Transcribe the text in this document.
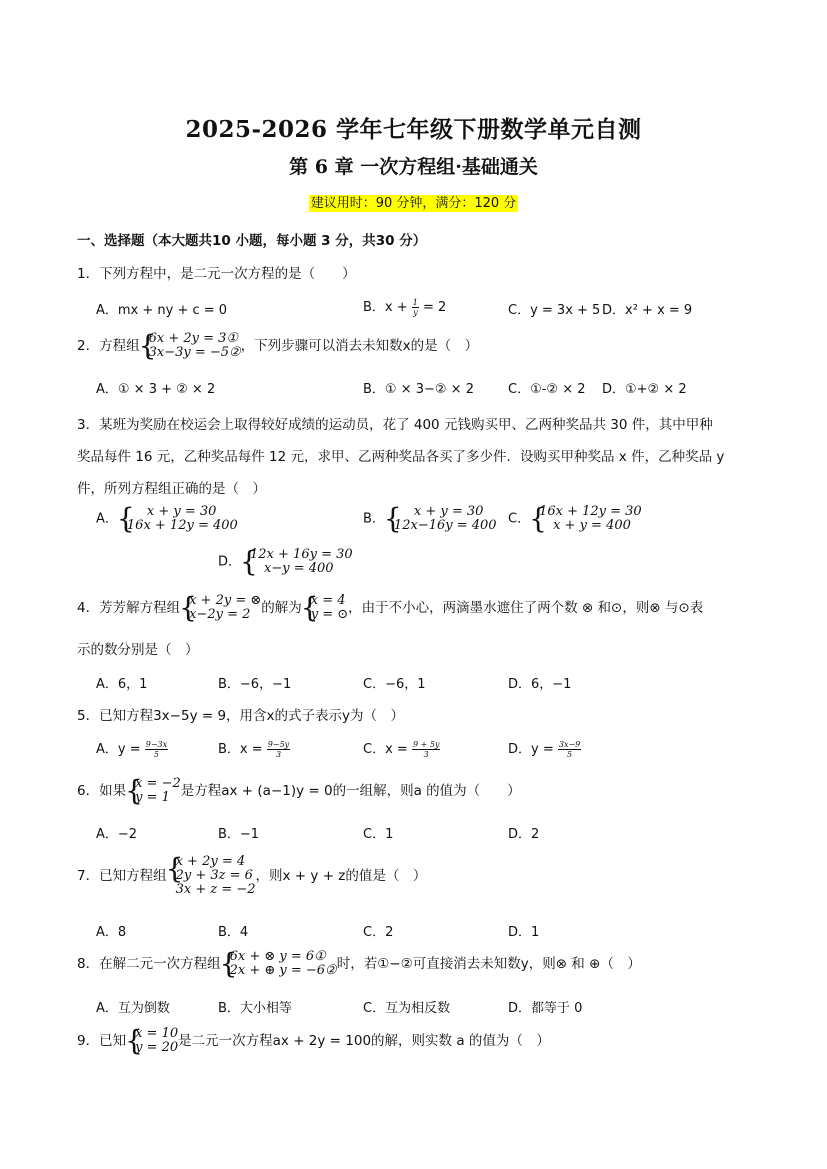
2025-2026 学年七年级下册数学单元自测
第 6 章 一次方程组·基础通关
建议用时：90 分钟，满分：120 分
一、选择题（本大题共10 小题，每小题 3 分，共30 分）
1．下列方程中，是二元一次方程的是（　　）
A．mx + ny + c = 0	B．$x + \frac{1}{y} = 2$	C．y = 3x + 5 D．x² + x = 9
2．方程组 { 6x + 2y = 3①
3x−3y = −5② ，下列步骤可以消去未知数x的是（　）
A．① × 3 + ② × 2	B．① × 3−② × 2	C．①-② × 2 D．①+② × 2
3．某班为奖励在校运会上取得较好成绩的运动员，花了 400 元钱购买甲、乙两种奖品共 30 件，其中甲种
奖品每件 16 元，乙种奖品每件 12 元，求甲、乙两种奖品各买了多少件．设购买甲种奖品 x 件，乙种奖品 y
件，所列方程组正确的是（　）
A．	{ x + y = 30
16x + 12y = 400	B．	{ x + y = 30
12x−16y = 400 C． { 16x + 12y = 30
x + y = 400
D． { 12x + 16y = 30
x−y = 400
4．芳芳解方程组 { x + 2y = ⊗
x−2y = 2 的解为 { x = 4
y = ⊙ ，由于不小心，两滴墨水遮住了两个数 ⊗ 和⊙，则⊗ 与⊙表
示的数分别是（　）
A．6，1	B．−6，−1	C．−6，1	D．6，−1
5．已知方程3x−5y = 9，用含x的式子表示y为（　）
A．$y = \frac{9-3x}{5}$	B．$x = \frac{9-5y}{3}$	C．$x = \frac{9 + 5y}{3}$	D．$y = \frac{3x-9}{5}$
6．如果 { x = −2
y = 1 是方程ax + (a−1)y = 0的一组解，则a 的值为（　　）
A．−2	B．−1	C．1	D．2
7．已知方程组
{ x + 2y = 4
2y + 3z = 6
3x + z = −2
，则x + y + z的值是（　）
A．8	B．4	C．2	D．1
8．在解二元一次方程组 { 6x + ⊗ y = 6①
2x + ⊕ y = −6② 时，若①−②可直接消去未知数y，则⊗ 和 ⊕（　）
A．互为倒数	B．大小相等	C．互为相反数	D．都等于 0
9．已知 { x = 10
y = 20 是二元一次方程ax + 2y = 100的解，则实数 a 的值为（　）
